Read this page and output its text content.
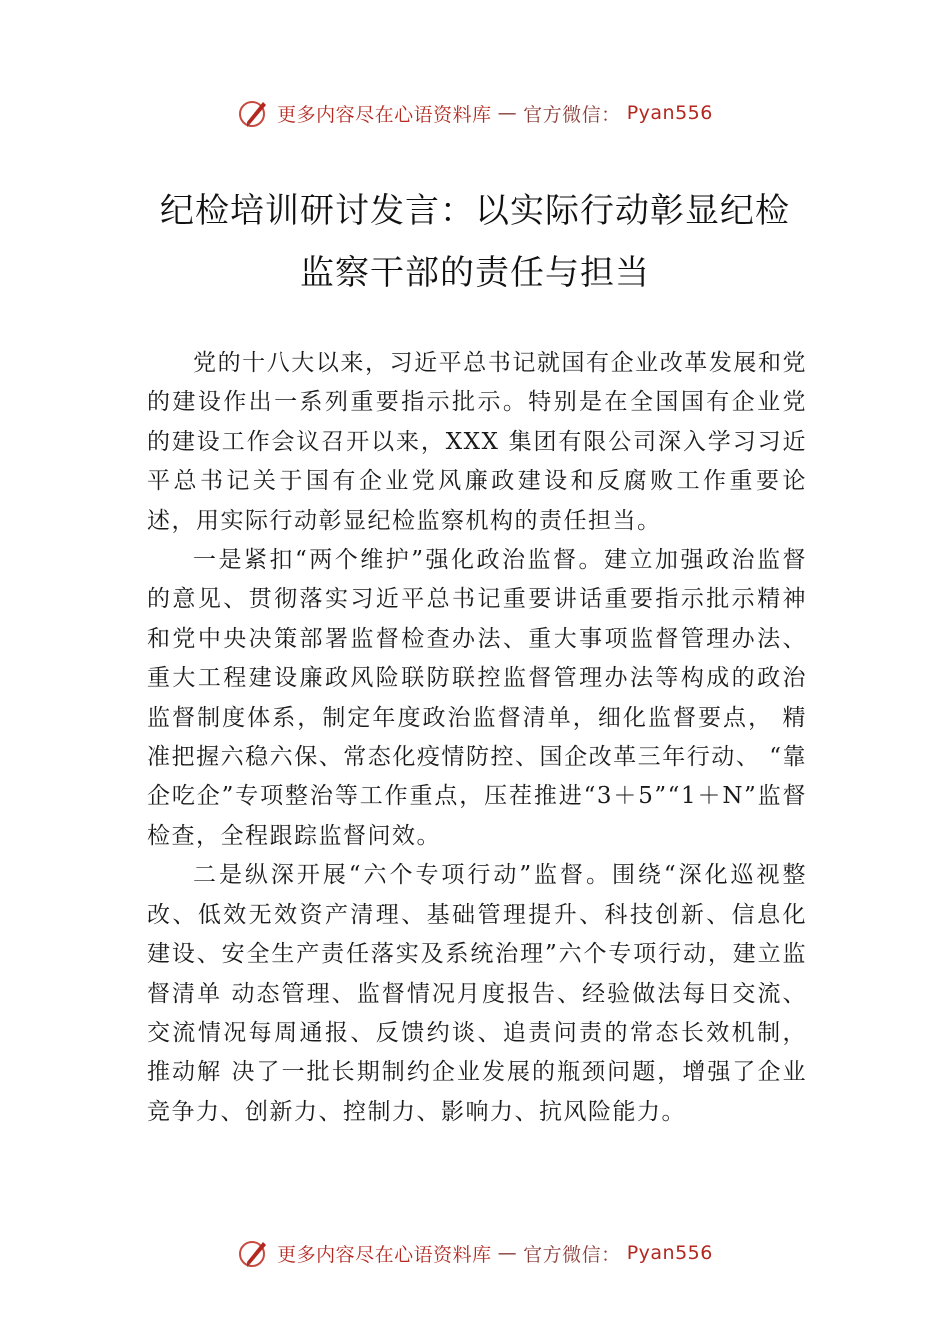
更多内容尽在心语资料库 — 官方微信： Pyan556
纪检培训研讨发言：以实际行动彰显纪检
监察干部的责任与担当

党的十八大以来，习近平总书记就国有企业改革发展和党的建设作出一系列重要指示批示。特别是在全国国有企业党的建设工作会议召开以来，XXX 集团有限公司深入学习习近平总书记关于国有企业党风廉政建设和反腐败工作重要论述，用实际行动彰显纪检监察机构的责任担当。

一是紧扣“两个维护”强化政治监督。建立加强政治监督的意见、贯彻落实习近平总书记重要讲话重要指示批示精神和党中央决策部署监督检查办法、重大事项监督管理办法、 重大工程建设廉政风险联防联控监督管理办法等构成的政治监督制度体系，制定年度政治监督清单，细化监督要点， 精准把握六稳六保、常态化疫情防控、国企改革三年行动、 “靠企吃企”专项整治等工作重点，压茬推进“3＋5”“1＋N”监督检查，全程跟踪监督问效。

二是纵深开展“六个专项行动”监督。围绕“深化巡视整改、低效无效资产清理、基础管理提升、科技创新、信息化建设、安全生产责任落实及系统治理”六个专项行动，建立监督清单 动态管理、监督情况月度报告、经验做法每日交流、交流情况每周通报、反馈约谈、追责问责的常态长效机制，推动解 决了一批长期制约企业发展的瓶颈问题，增强了企业竞争力、创新力、控制力、影响力、抗风险能力。

更多内容尽在心语资料库 — 官方微信： Pyan556
